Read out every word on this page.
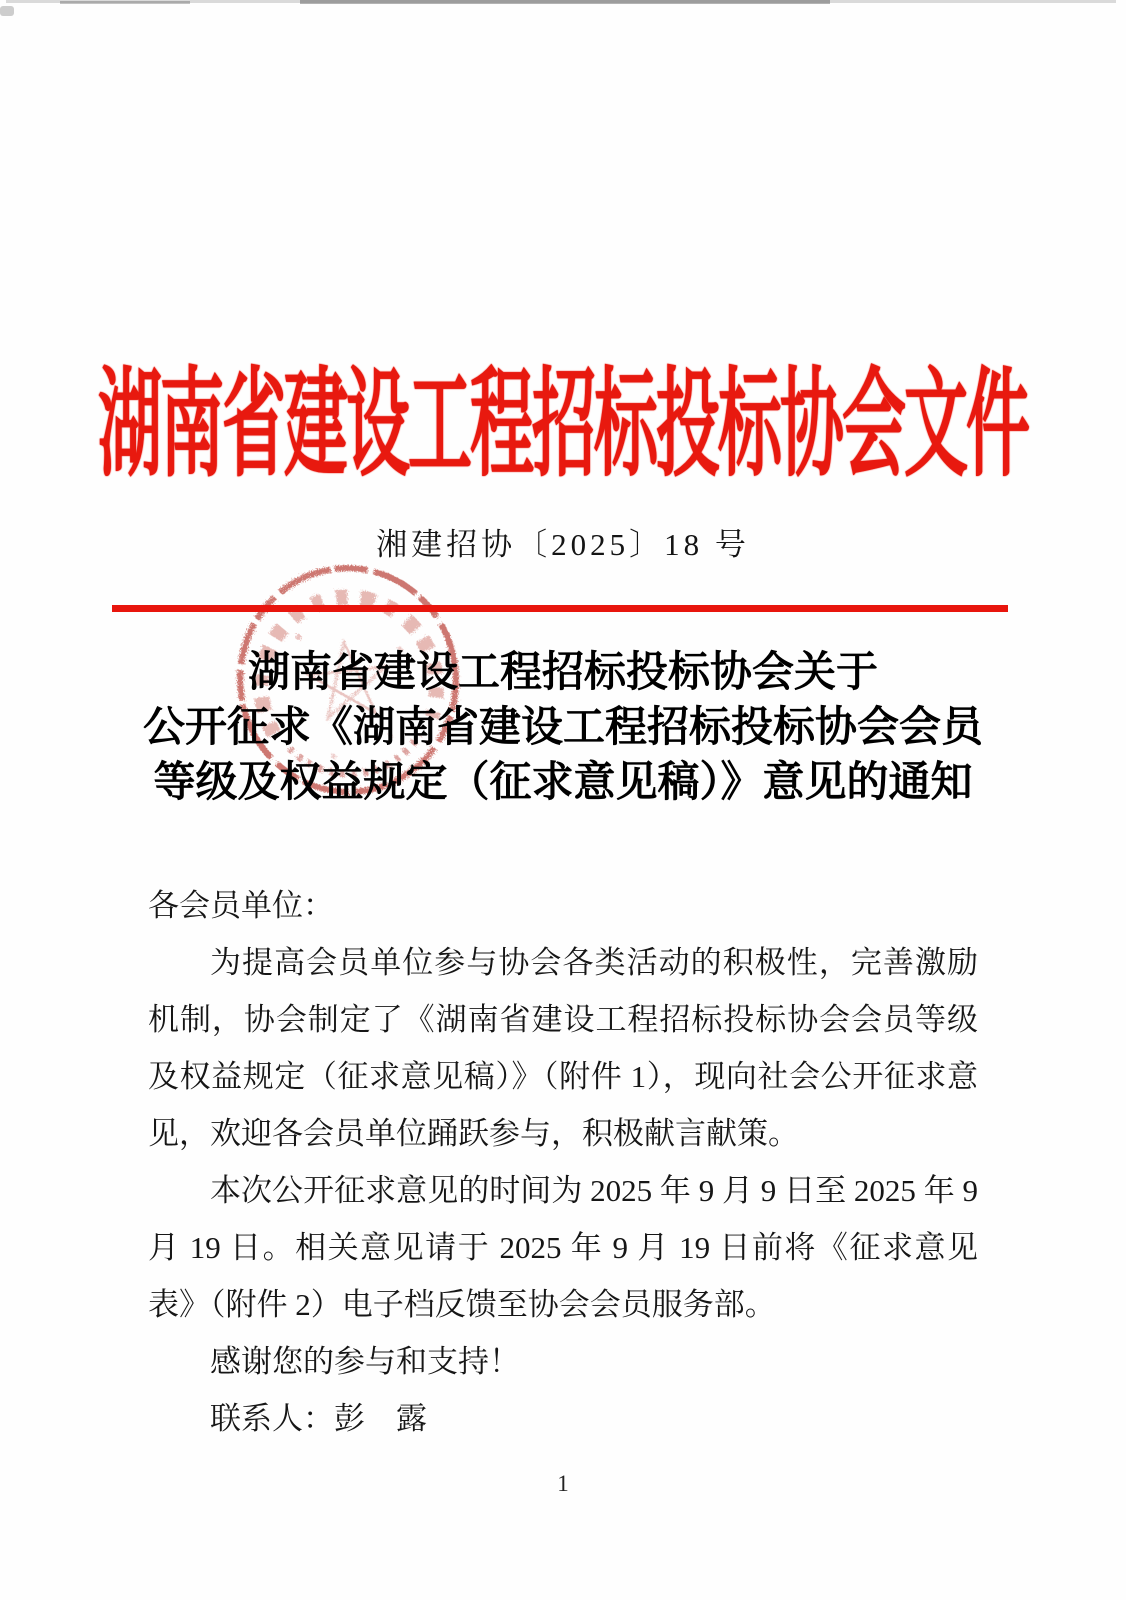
湖南省建设工程招标投标协会文件
湘建招协〔2025〕18 号
湖南省建设工程招标投标协会关于
公开征求《湖南省建设工程招标投标协会会员
等级及权益规定（征求意见稿）》意见的通知

各会员单位：

为提高会员单位参与协会各类活动的积极性，完善激励机制，协会制定了《湖南省建设工程招标投标协会会员等级及权益规定（征求意见稿）》（附件 1），现向社会公开征求意见，欢迎各会员单位踊跃参与，积极献言献策。

本次公开征求意见的时间为 2025 年 9 月 9 日至 2025 年 9 月 19 日。相关意见请于 2025 年 9 月 19 日前将《征求意见表》（附件 2）电子档反馈至协会会员服务部。

感谢您的参与和支持！

联系人：彭　露

1
